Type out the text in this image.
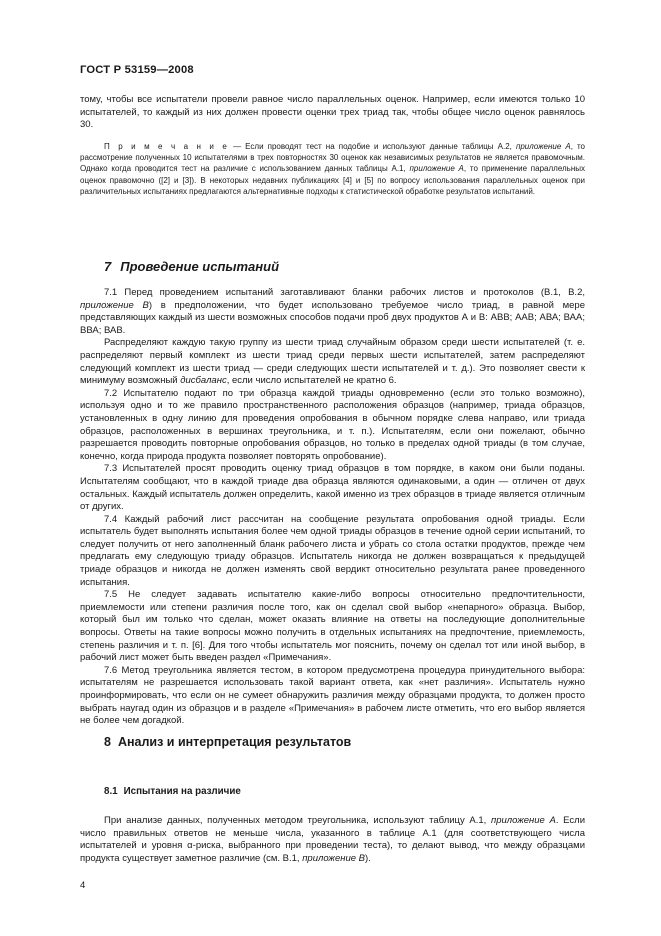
ГОСТ Р 53159—2008

тому, чтобы все испытатели провели равное число параллельных оценок. Например, если имеются только 10 испытателей, то каждый из них должен провести оценки трех триад так, чтобы общее число оценок равнялось 30.

П р и м е ч а н и е — Если проводят тест на подобие и используют данные таблицы А.2, приложение А, то рассмотрение полученных 10 испытателями в трех повторностях 30 оценок как независимых результатов не является правомочным. Однако когда проводится тест на различие с использованием данных таблицы А.1, приложение А, то применение параллельных оценок правомочно ([2] и [3]). В некоторых недавних публикациях [4] и [5] по вопросу использования параллельных оценок при различительных испытаниях предлагаются альтернативные подходы к статистической обработке результатов испытаний.
7 Проведение испытаний

7.1 Перед проведением испытаний заготавливают бланки рабочих листов и протоколов (В.1, В.2, приложение В) в предположении, что будет использовано требуемое число триад, в равной мере представляющих каждый из шести возможных способов подачи проб двух продуктов А и В: АВВ; ААВ; АВА; ВАА; ВВА; ВАВ.

Распределяют каждую такую группу из шести триад случайным образом среди шести испытателей (т. е. распределяют первый комплект из шести триад среди первых шести испытателей, затем распределяют следующий комплект из шести триад — среди следующих шести испытателей и т. д.). Это позволяет свести к минимуму возможный дисбаланс, если число испытателей не кратно 6.

7.2 Испытателю подают по три образца каждой триады одновременно (если это только возможно), используя одно и то же правило пространственного расположения образцов (например, триада образцов, установленных в одну линию для проведения опробования в обычном порядке слева направо, или триада образцов, расположенных в вершинах треугольника, и т. п.). Испытателям, если они пожелают, обычно разрешается проводить повторные опробования образцов, но только в пределах одной триады (в том случае, конечно, когда природа продукта позволяет повторять опробование).

7.3 Испытателей просят проводить оценку триад образцов в том порядке, в каком они были поданы. Испытателям сообщают, что в каждой триаде два образца являются одинаковыми, а один — отличен от двух остальных. Каждый испытатель должен определить, какой именно из трех образцов в триаде является отличным от других.

7.4 Каждый рабочий лист рассчитан на сообщение результата опробования одной триады. Если испытатель будет выполнять испытания более чем одной триады образцов в течение одной серии испытаний, то следует получить от него заполненный бланк рабочего листа и убрать со стола остатки продуктов, прежде чем предлагать ему следующую триаду образцов. Испытатель никогда не должен возвращаться к предыдущей триаде образцов и никогда не должен изменять свой вердикт относительно результата ранее проведенного испытания.

7.5 Не следует задавать испытателю какие-либо вопросы относительно предпочтительности, приемлемости или степени различия после того, как он сделал свой выбор «непарного» образца. Выбор, который был им только что сделан, может оказать влияние на ответы на последующие дополнительные вопросы. Ответы на такие вопросы можно получить в отдельных испытаниях на предпочтение, приемлемость, степень различия и т. п. [6]. Для того чтобы испытатель мог пояснить, почему он сделал тот или иной выбор, в рабочий лист может быть введен раздел «Примечания».

7.6 Метод треугольника является тестом, в котором предусмотрена процедура принудительного выбора: испытателям не разрешается использовать такой вариант ответа, как «нет различия». Испытатель нужно проинформировать, что если он не сумеет обнаружить различия между образцами продукта, то должен просто выбрать наугад один из образцов и в разделе «Примечания» в рабочем листе отметить, что его выбор является не более чем догадкой.

8 Анализ и интерпретация результатов
8.1 Испытания на различие

При анализе данных, полученных методом треугольника, используют таблицу А.1, приложение А. Если число правильных ответов не меньше числа, указанного в таблице А.1 (для соответствующего числа испытателей и уровня α-риска, выбранного при проведении теста), то делают вывод, что между образцами продукта существует заметное различие (см. В.1, приложение В).

4
